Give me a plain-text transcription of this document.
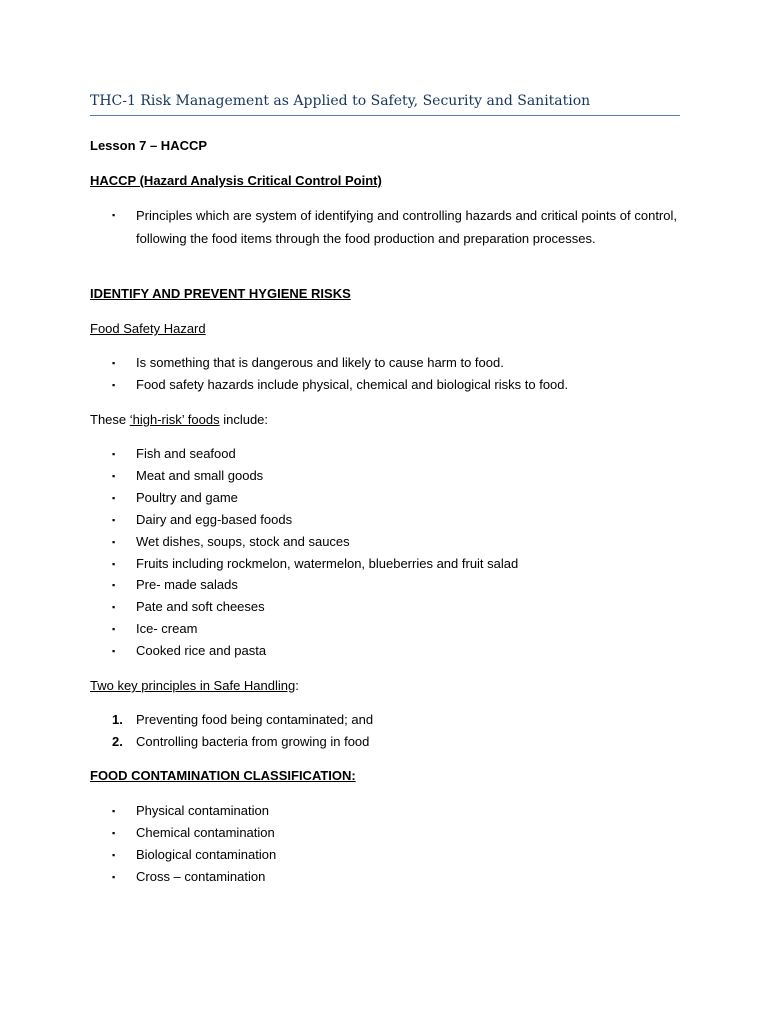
THC-1 Risk Management as Applied to Safety, Security and Sanitation
Lesson 7 – HACCP
HACCP (Hazard Analysis Critical Control Point)
▪	Principles which are system of identifying and controlling hazards and critical points of control, following the food items through the food production and preparation processes.
IDENTIFY AND PREVENT HYGIENE RISKS
Food Safety Hazard
▪	Is something that is dangerous and likely to cause harm to food.
▪	Food safety hazards include physical, chemical and biological risks to food.
These ‘high-risk’ foods include:
▪	Fish and seafood
▪	Meat and small goods
▪	Poultry and game
▪	Dairy and egg-based foods
▪	Wet dishes, soups, stock and sauces
▪	Fruits including rockmelon, watermelon, blueberries and fruit salad
▪	Pre- made salads
▪	Pate and soft cheeses
▪	Ice- cream
▪	Cooked rice and pasta
Two key principles in Safe Handling:
1. Preventing food being contaminated; and
2. Controlling bacteria from growing in food
FOOD CONTAMINATION CLASSIFICATION:
▪	Physical contamination
▪	Chemical contamination
▪	Biological contamination
▪	Cross – contamination
